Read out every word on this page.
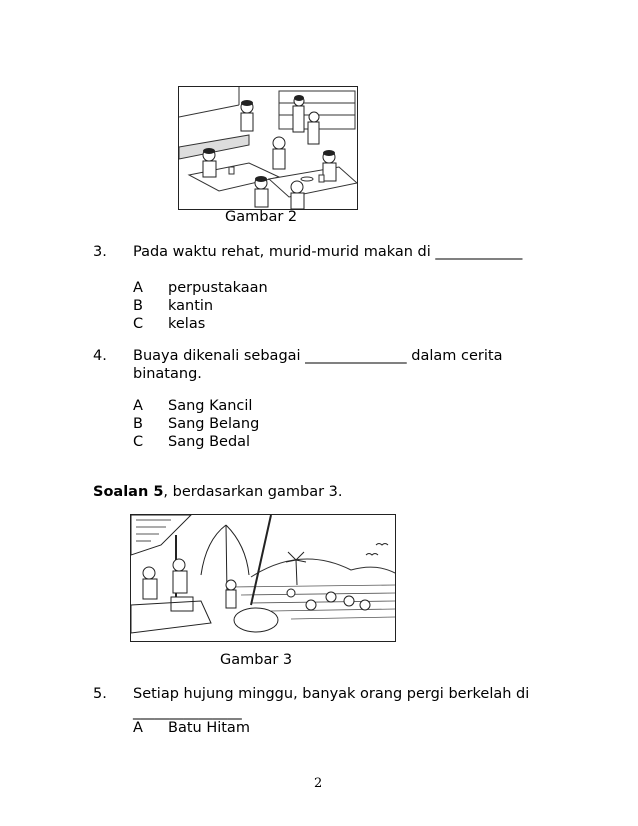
Gambar 2
3. Pada waktu rehat, murid-murid makan di ____________
A perpustakaan
B kantin
C kelas
4. Buaya dikenali sebagai ______________ dalam cerita
binatang.
A Sang Kancil
B Sang Belang
C Sang Bedal
Soalan 5, berdasarkan gambar 3.
Gambar 3
5. Setiap hujung minggu, banyak orang pergi berkelah di
_______________
A Batu Hitam
2
